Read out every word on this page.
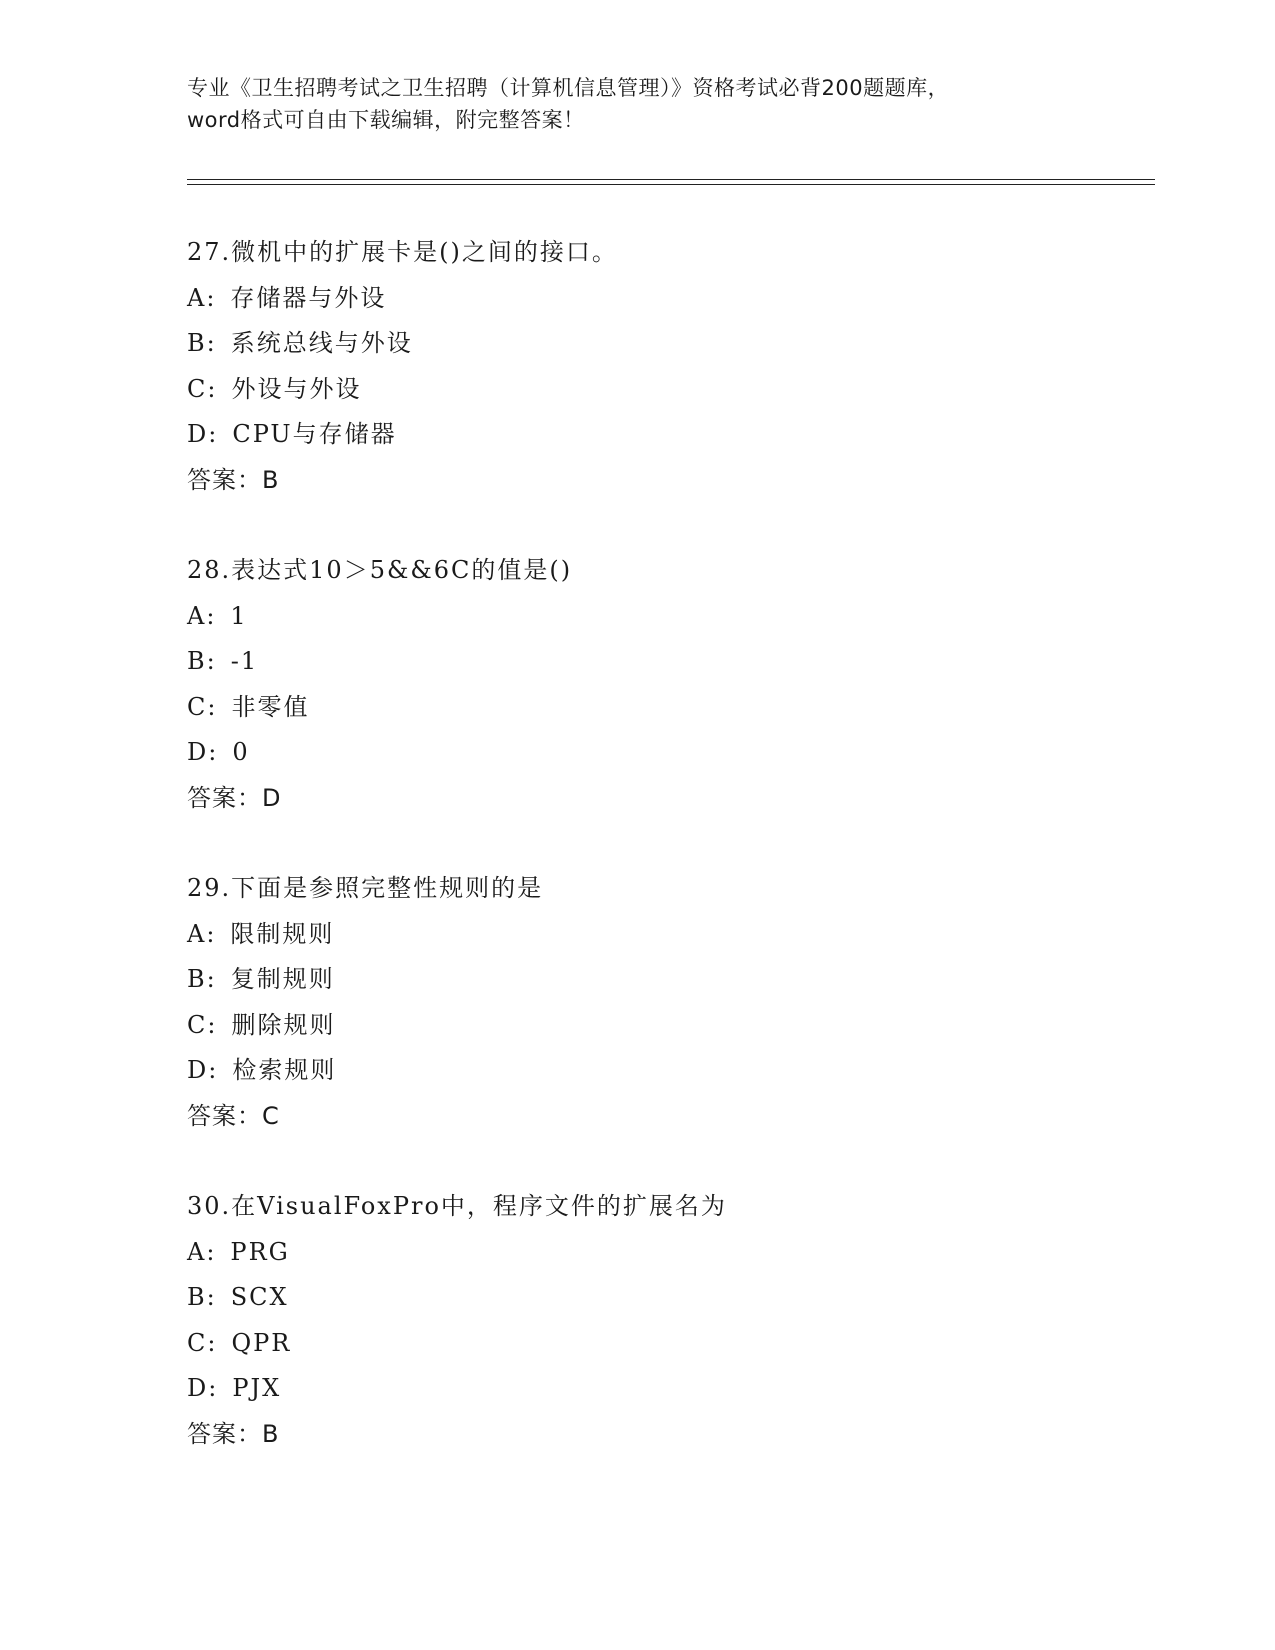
专业《卫生招聘考试之卫生招聘（计算机信息管理）》资格考试必背200题题库，
word格式可自由下载编辑，附完整答案！
27.微机中的扩展卡是()之间的接口。
A: 存储器与外设
B: 系统总线与外设
C: 外设与外设
D: CPU与存储器
答案：B
28.表达式10＞5&&6C的值是()
A: 1
B: -1
C: 非零值
D: 0
答案：D
29.下面是参照完整性规则的是
A: 限制规则
B: 复制规则
C: 删除规则
D: 检索规则
答案：C
30.在VisualFoxPro中，程序文件的扩展名为
A: PRG
B: SCX
C: QPR
D: PJX
答案：B
